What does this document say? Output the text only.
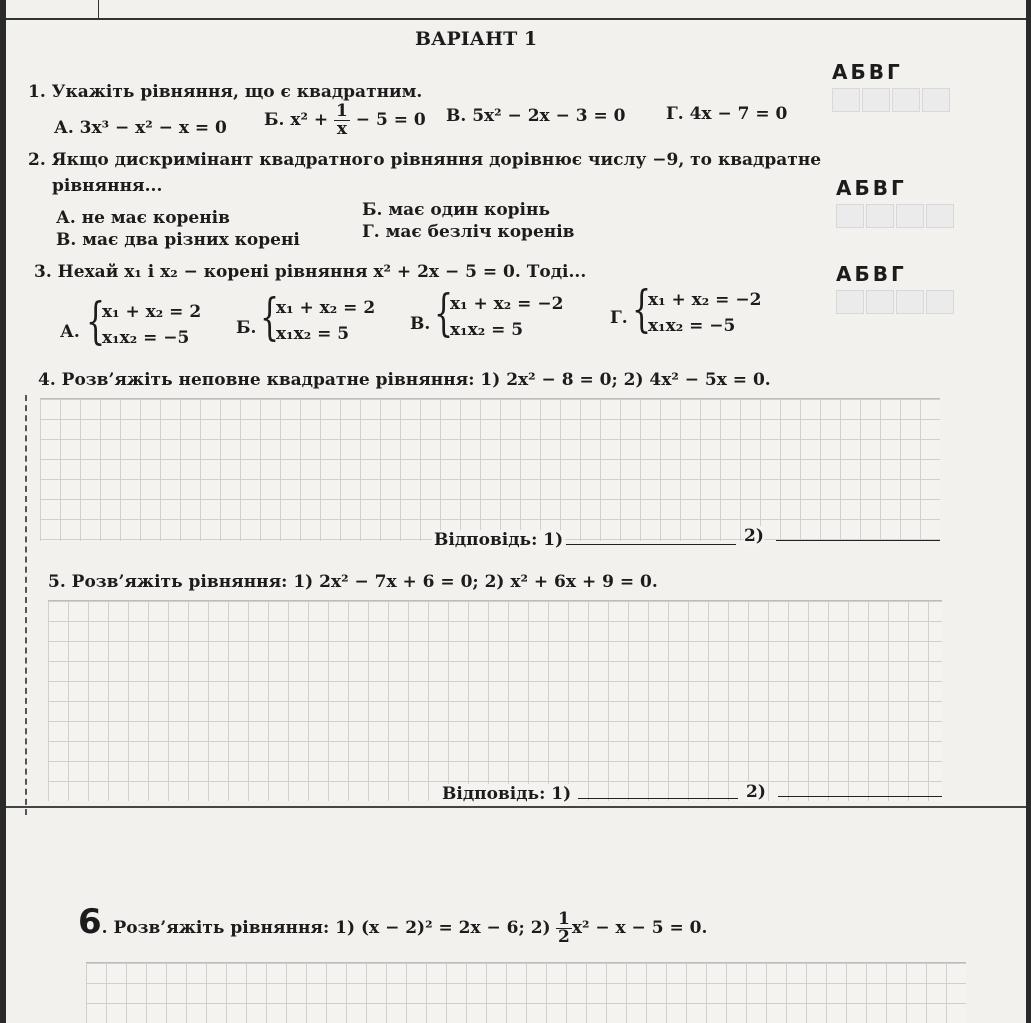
ВАРІАНТ 1
АБВГ
1. Укажіть рівняння, що є квадратним.
А. 3x³ − x² − x = 0 Б. $x^2 + \frac{1}{x} - 5 = 0$ В. 5x² − 2x − 3 = 0 Г. 4x − 7 = 0
2. Якщо дискримінант квадратного рівняння дорівнює числу −9, то квадратне
рівняння...	АБВГ
А. не має коренів	Б. має один корінь
В. має два різних корені	Г. має безліч коренів
3. Нехай x₁ і x₂ − корені рівняння x² + 2x − 5 = 0. Тоді...	АБВГ
А. {
x₁ + x₂ = 2
x₁x₂ = −5	Б. {
x₁ + x₂ = 2
x₁x₂ = 5	В. {
x₁ + x₂ = −2
x₁x₂ = 5
Г. {
x₁ + x₂ = −2
x₁x₂ = −5
4. Розв’яжіть неповне квадратне рівняння: 1) 2x² − 8 = 0; 2) 4x² − 5x = 0.
Відповідь: 1)	2)
5. Розв’яжіть рівняння: 1) 2x² − 7x + 6 = 0; 2) x² + 6x + 9 = 0.
Відповідь: 1)	2)
6. Розв’яжіть рівняння: 1) (x − 2)² = 2x − 6; $2) \frac{1}{2} x^2 - x - 5 = 0$.
